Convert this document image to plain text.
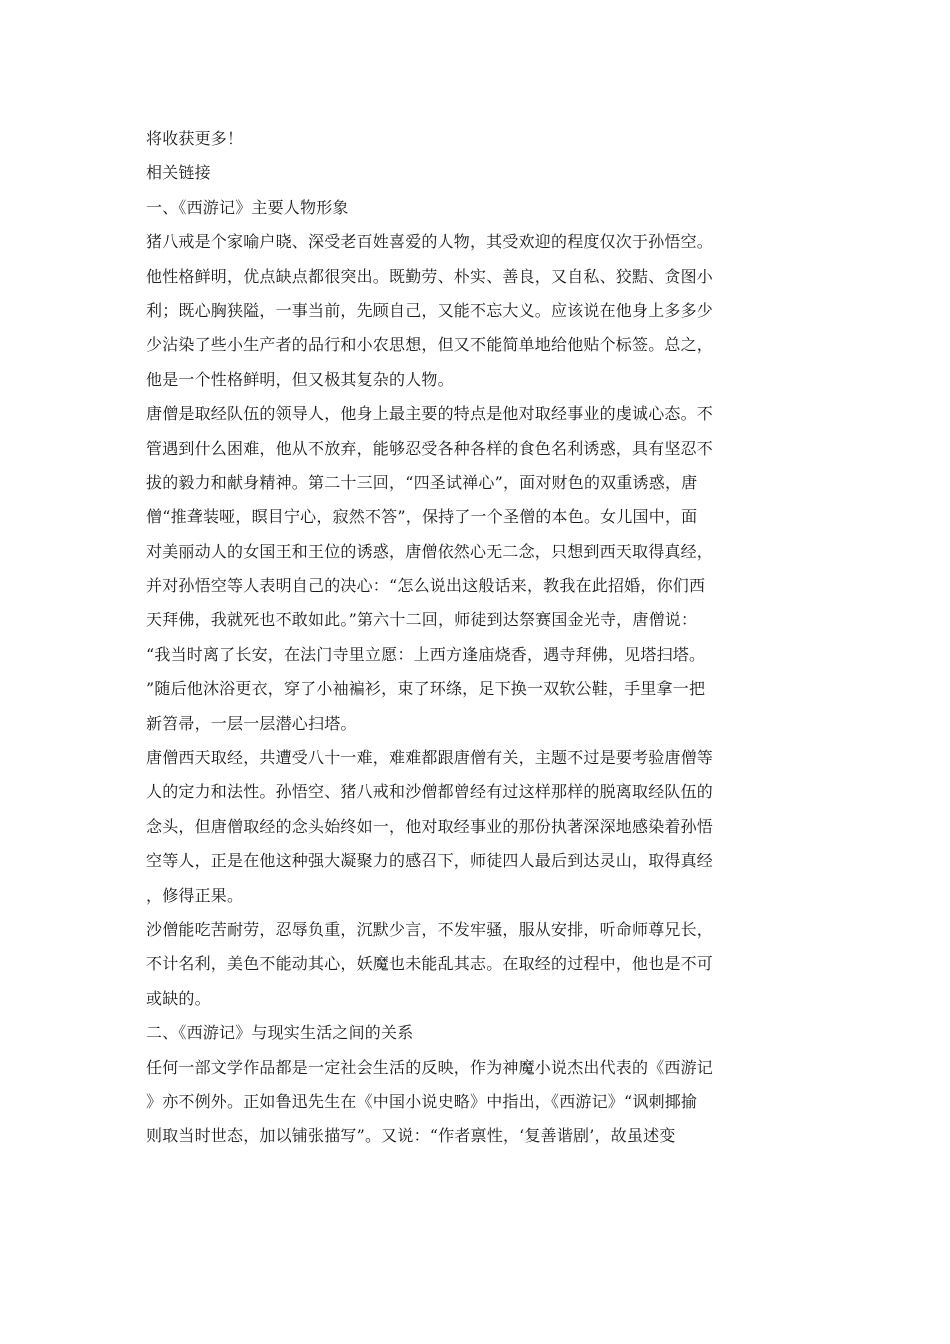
将收获更多！
相关链接
一、《西游记》主要人物形象
猪八戒是个家喻户晓、深受老百姓喜爱的人物，其受欢迎的程度仅次于孙悟空。
他性格鲜明，优点缺点都很突出。既勤劳、朴实、善良，又自私、狡黠、贪图小
利；既心胸狭隘，一事当前，先顾自己，又能不忘大义。应该说在他身上多多少
少沾染了些小生产者的品行和小农思想，但又不能简单地给他贴个标签。总之，
他是一个性格鲜明，但又极其复杂的人物。
唐僧是取经队伍的领导人，他身上最主要的特点是他对取经事业的虔诚心态。不
管遇到什么困难，他从不放弃，能够忍受各种各样的食色名利诱惑，具有坚忍不
拔的毅力和献身精神。第二十三回，“四圣试禅心”，面对财色的双重诱惑，唐
僧“推聋装哑，瞑目宁心，寂然不答”，保持了一个圣僧的本色。女儿国中，面
对美丽动人的女国王和王位的诱惑，唐僧依然心无二念，只想到西天取得真经，
并对孙悟空等人表明自己的决心：“怎么说出这般话来，教我在此招婚，你们西
天拜佛，我就死也不敢如此。”第六十二回，师徒到达祭赛国金光寺，唐僧说：
“我当时离了长安，在法门寺里立愿：上西方逢庙烧香，遇寺拜佛，见塔扫塔。
”随后他沐浴更衣，穿了小袖褊衫，束了环绦，足下换一双软公鞋，手里拿一把
新笤帚，一层一层潜心扫塔。
唐僧西天取经，共遭受八十一难，难难都跟唐僧有关，主题不过是要考验唐僧等
人的定力和法性。孙悟空、猪八戒和沙僧都曾经有过这样那样的脱离取经队伍的
念头，但唐僧取经的念头始终如一，他对取经事业的那份执著深深地感染着孙悟
空等人，正是在他这种强大凝聚力的感召下，师徒四人最后到达灵山，取得真经
，修得正果。
沙僧能吃苦耐劳，忍辱负重，沉默少言，不发牢骚，服从安排，听命师尊兄长，
不计名利，美色不能动其心，妖魔也未能乱其志。在取经的过程中，他也是不可
或缺的。
二、《西游记》与现实生活之间的关系
任何一部文学作品都是一定社会生活的反映，作为神魔小说杰出代表的《西游记
》亦不例外。正如鲁迅先生在《中国小说史略》中指出，《西游记》“讽刺揶揄
则取当时世态，加以铺张描写”。又说：“作者禀性，‘复善谐剧’，故虽述变
